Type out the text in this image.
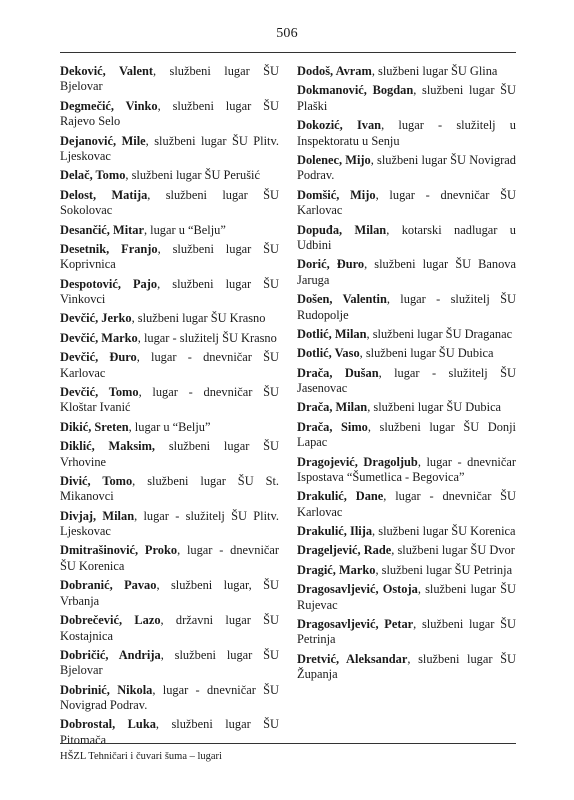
506

Deković, Valent, službeni lugar ŠU Bjelovar

Degmečić, Vinko, službeni lugar ŠU Rajevo Selo

Dejanović, Mile, službeni lugar ŠU Plitv. Ljeskovac

Delač, Tomo, službeni lugar ŠU Perušić

Delost, Matija, službeni lugar ŠU Sokolovac

Desančić, Mitar, lugar u “Belju”

Desetnik, Franjo, službeni lugar ŠU Koprivnica

Despotović, Pajo, službeni lugar ŠU Vinkovci

Devčić, Jerko, službeni lugar ŠU Krasno

Devčić, Marko, lugar - služitelj ŠU Krasno

Devčić, Đuro, lugar - dnevničar ŠU Karlovac

Devčić, Tomo, lugar - dnevničar ŠU Kloštar Ivanić

Dikić, Sreten, lugar u “Belju”

Diklić, Maksim, službeni lugar ŠU Vrhovine

Divić, Tomo, službeni lugar ŠU St. Mikanovci

Divjaj, Milan, lugar - služitelj ŠU Plitv. Ljeskovac

Dmitrašinović, Proko, lugar - dnevničar ŠU Korenica

Dobranić, Pavao, službeni lugar, ŠU Vrbanja

Dobrečević, Lazo, državni lugar ŠU Kostajnica

Dobričić, Andrija, službeni lugar ŠU Bjelovar

Dobrinić, Nikola, lugar - dnevničar ŠU Novigrad Podrav.

Dobrostal, Luka, službeni lugar ŠU Pitomača

Dodoš, Avram, službeni lugar ŠU Glina

Dokmanović, Bogdan, službeni lugar ŠU Plaški

Dokozić, Ivan, lugar - služitelj u Inspektoratu u Senju

Dolenec, Mijo, službeni lugar ŠU Novigrad Podrav.

Domšić, Mijo, lugar - dnevničar ŠU Karlovac

Dopuđa, Milan, kotarski nadlugar u Udbini

Dorić, Đuro, službeni lugar ŠU Banova Jaruga

Došen, Valentin, lugar - služitelj ŠU Rudopolje

Dotlić, Milan, službeni lugar ŠU Draganac

Dotlić, Vaso, službeni lugar ŠU Dubica

Drača, Dušan, lugar - služitelj ŠU Jasenovac

Drača, Milan, službeni lugar ŠU Dubica

Drača, Simo, službeni lugar ŠU Donji Lapac

Dragojević, Dragoljub, lugar - dnevničar Ispostava “Šumetlica - Begovica”

Drakulić, Dane, lugar - dnevničar ŠU Karlovac

Drakulić, Ilija, službeni lugar ŠU Korenica

Drageljević, Rade, službeni lugar ŠU Dvor

Dragić, Marko, službeni lugar ŠU Petrinja

Dragosavljević, Ostoja, službeni lugar ŠU Rujevac

Dragosavljević, Petar, službeni lugar ŠU Petrinja

Dretvić, Aleksandar, službeni lugar ŠU Županja

HŠZL Tehničari i čuvari šuma – lugari
